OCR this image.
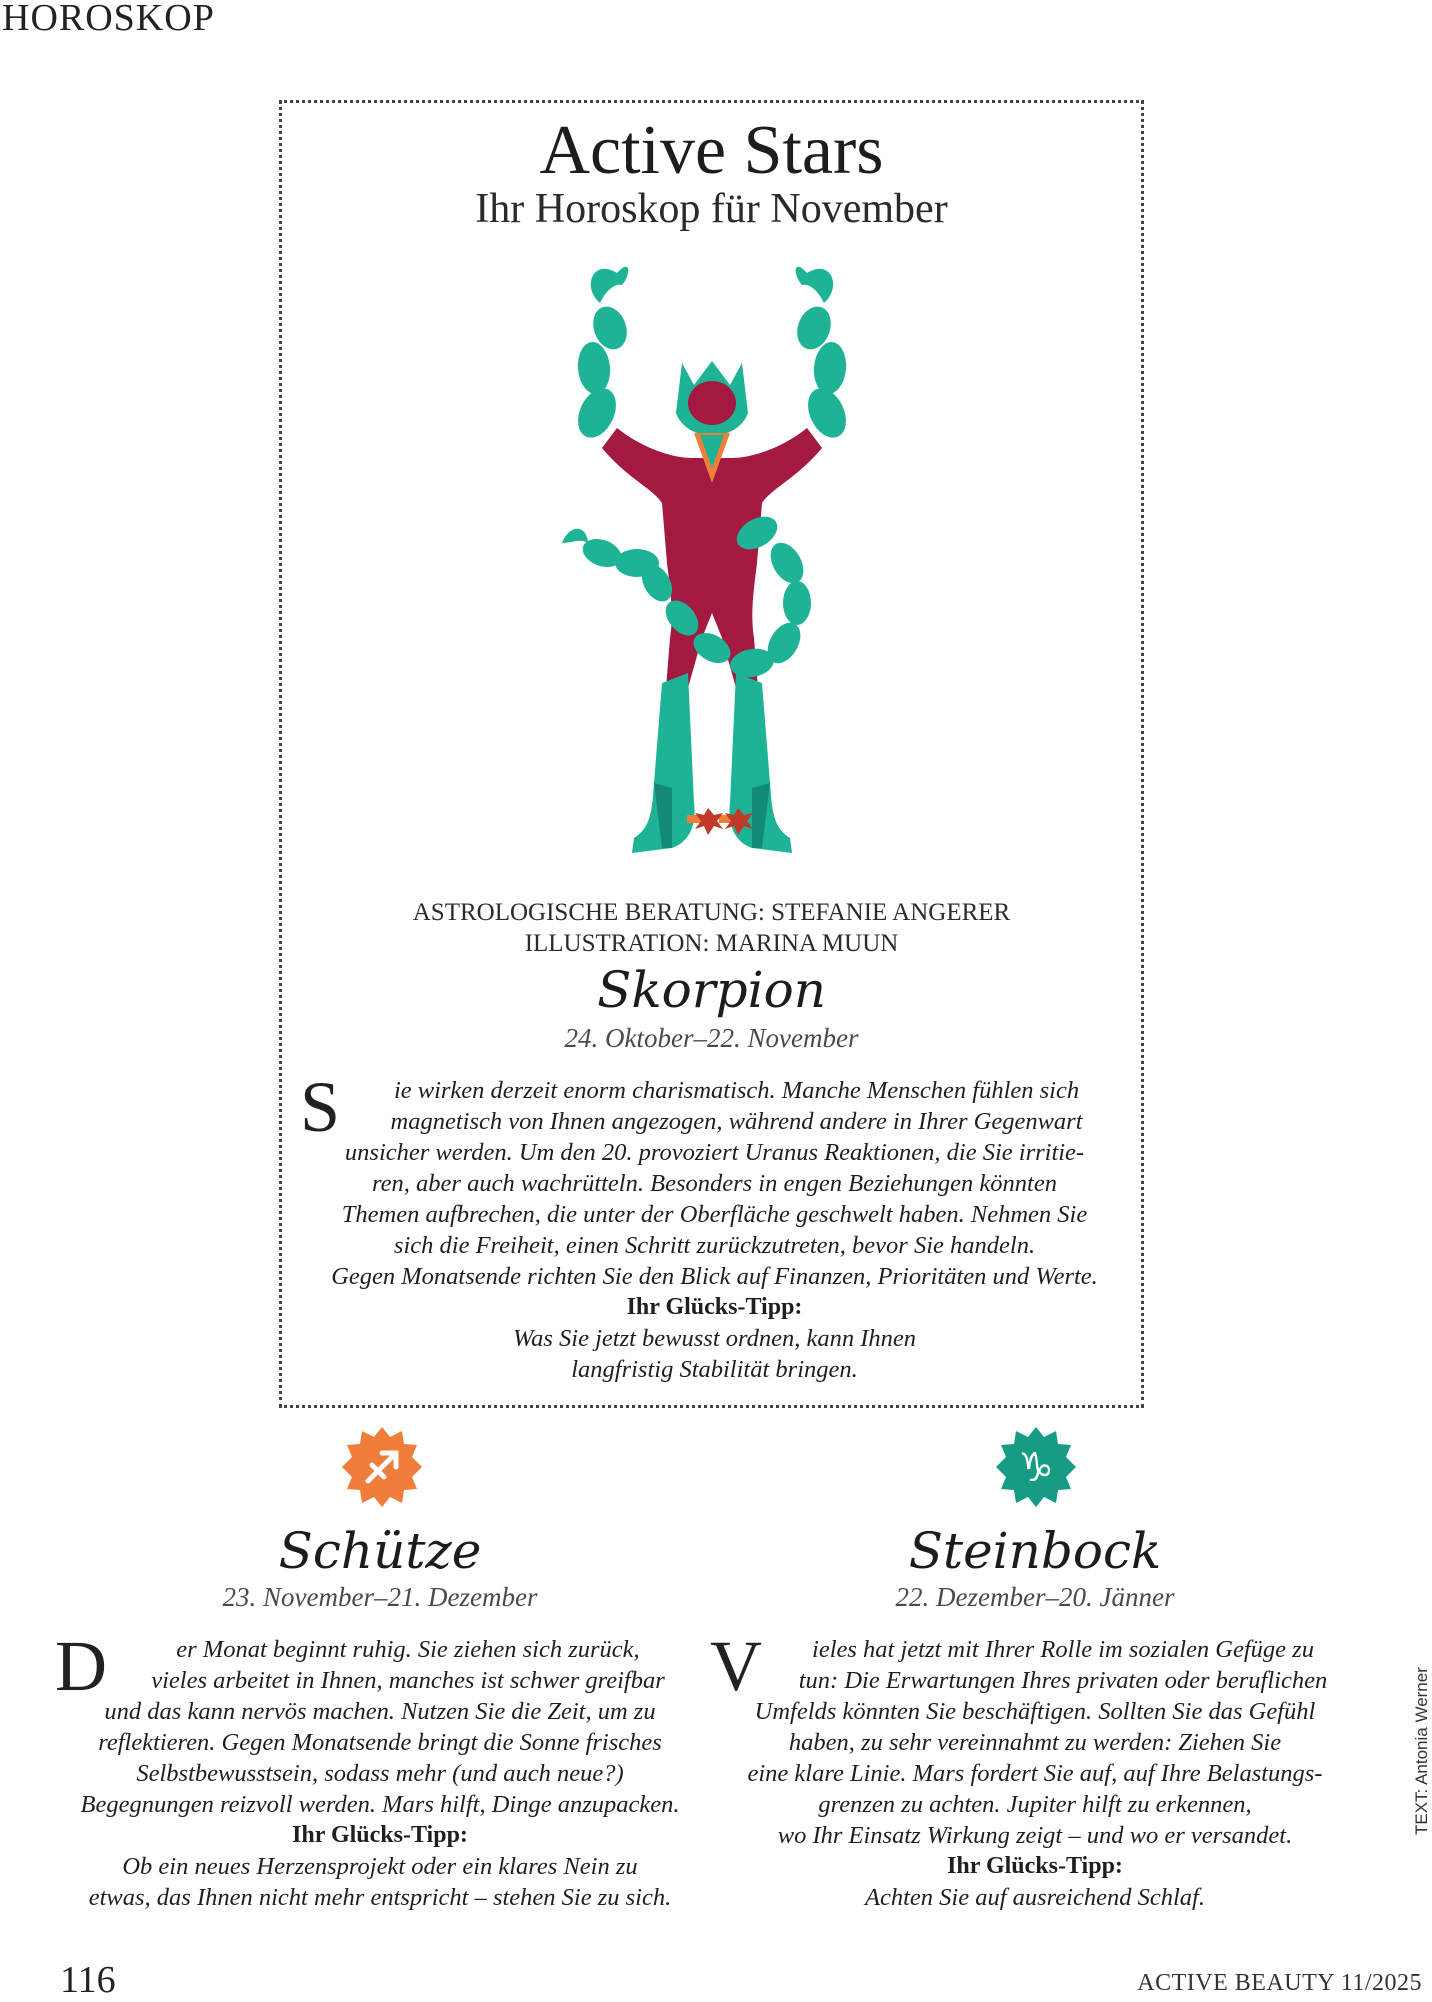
HOROSKOP
Active Stars
Ihr Horoskop für November
ASTROLOGISCHE BERATUNG: STEFANIE ANGERER
ILLUSTRATION: MARINA MUUN
Skorpion
24. Oktober–22. November
S	ie wirken derzeit enorm charismatisch. Manche Menschen fühlen sich
magnetisch von Ihnen angezogen, während andere in Ihrer Gegenwart
unsicher werden. Um den 20. provoziert Uranus Reaktionen, die Sie irritie-
ren, aber auch wachrütteln. Besonders in engen Beziehungen könnten
Themen aufbrechen, die unter der Oberfläche geschwelt haben. Nehmen Sie
sich die Freiheit, einen Schritt zurückzutreten, bevor Sie handeln.
Gegen Monatsende richten Sie den Blick auf Finanzen, Prioritäten und Werte.
Ihr Glücks-Tipp:
Was Sie jetzt bewusst ordnen, kann Ihnen
langfristig Stabilität bringen.
Schütze
23. November–21. Dezember
D	er Monat beginnt ruhig. Sie ziehen sich zurück,
vieles arbeitet in Ihnen, manches ist schwer greifbar
und das kann nervös machen. Nutzen Sie die Zeit, um zu
reflektieren. Gegen Monatsende bringt die Sonne frisches
Selbstbewusstsein, sodass mehr (und auch neue?)
Begegnungen reizvoll werden. Mars hilft, Dinge anzupacken.
Ihr Glücks-Tipp:
Ob ein neues Herzensprojekt oder ein klares Nein zu
etwas, das Ihnen nicht mehr entspricht – stehen Sie zu sich.
♑
Steinbock
22. Dezember–20. Jänner
V	ieles hat jetzt mit Ihrer Rolle im sozialen Gefüge zu
tun: Die Erwartungen Ihres privaten oder beruflichen
Umfelds könnten Sie beschäftigen. Sollten Sie das Gefühl
haben, zu sehr vereinnahmt zu werden: Ziehen Sie
eine klare Linie. Mars fordert Sie auf, auf Ihre Belastungs-
grenzen zu achten. Jupiter hilft zu erkennen,
wo Ihr Einsatz Wirkung zeigt – und wo er versandet.
Ihr Glücks-Tipp:
Achten Sie auf ausreichend Schlaf.
TEXT: Antonia Werner
116	ACTIVE BEAUTY 11/2025
